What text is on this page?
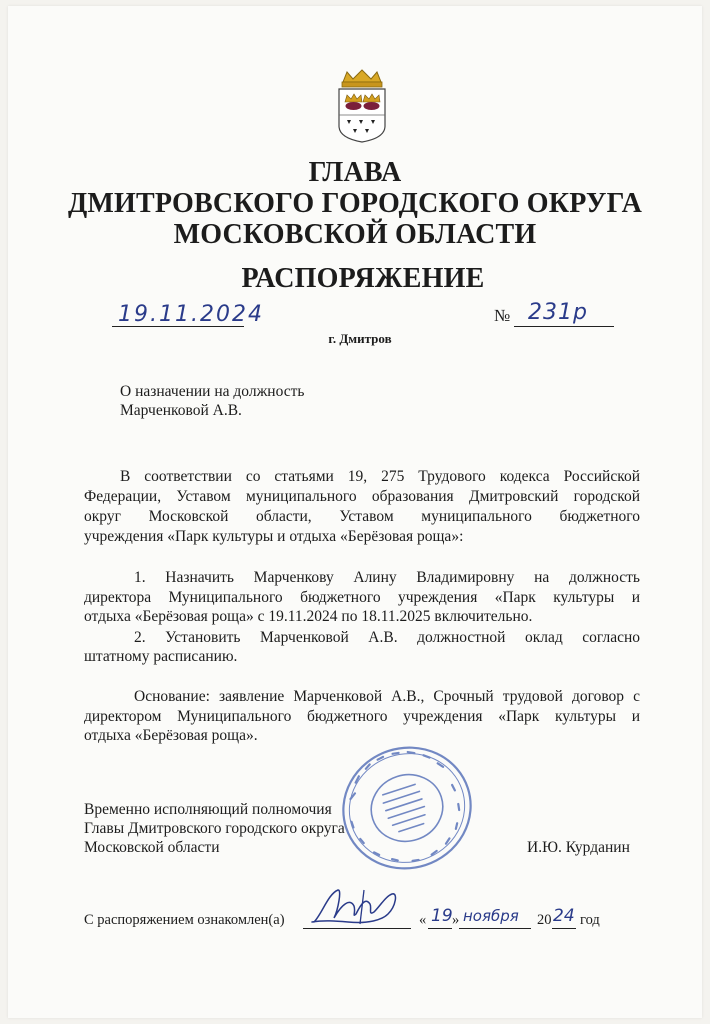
ГЛАВА
ДМИТРОВСКОГО ГОРОДСКОГО ОКРУГА
МОСКОВСКОЙ ОБЛАСТИ
РАСПОРЯЖЕНИЕ
19.11.2024	№ 231р
г. Дмитров
О назначении на должность
Марченковой А.В.
В соответствии со статьями 19, 275 Трудового кодекса Российской
Федерации, Уставом муниципального образования Дмитровский городской
округ Московской области, Уставом муниципального бюджетного
учреждения «Парк культуры и отдыха «Берёзовая роща»:
1. Назначить Марченкову Алину Владимировну на должность
директора Муниципального бюджетного учреждения «Парк культуры и
отдыха «Берёзовая роща» с 19.11.2024 по 18.11.2025 включительно.
2. Установить Марченковой А.В. должностной оклад согласно
штатному расписанию.
Основание: заявление Марченковой А.В., Срочный трудовой договор с
директором Муниципального бюджетного учреждения «Парк культуры и
отдыха «Берёзовая роща».
Временно исполняющий полномочия
Главы Дмитровского городского округа
Московской области	И.Ю. Курданин
С распоряжением ознакомлен(а)	« 19 » ноября 20 24 год
